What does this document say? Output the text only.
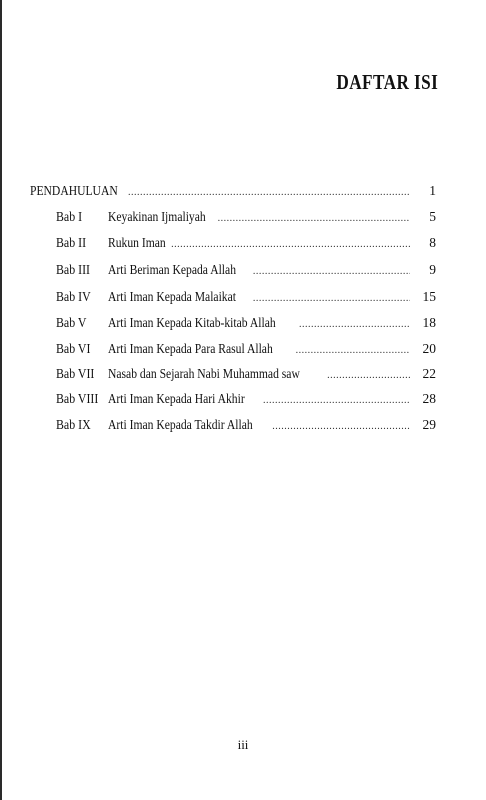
DAFTAR ISI
PENDAHULUAN .....	1
Bab I	Keyakinan Ijmaliyah .....	5
Bab II	Rukun Iman .....	8
Bab III	Arti Beriman Kepada Allah .....	9
Bab IV	Arti Iman Kepada Malaikat .....	15
Bab V	Arti Iman Kepada Kitab-kitab Allah .....	18
Bab VI	Arti Iman Kepada Para Rasul Allah .....	20
Bab VII	Nasab dan Sejarah Nabi Muhammad saw .....	22
Bab VIII Arti Iman Kepada Hari Akhir .....	28
Bab IX	Arti Iman Kepada Takdir Allah .....	29
iii
